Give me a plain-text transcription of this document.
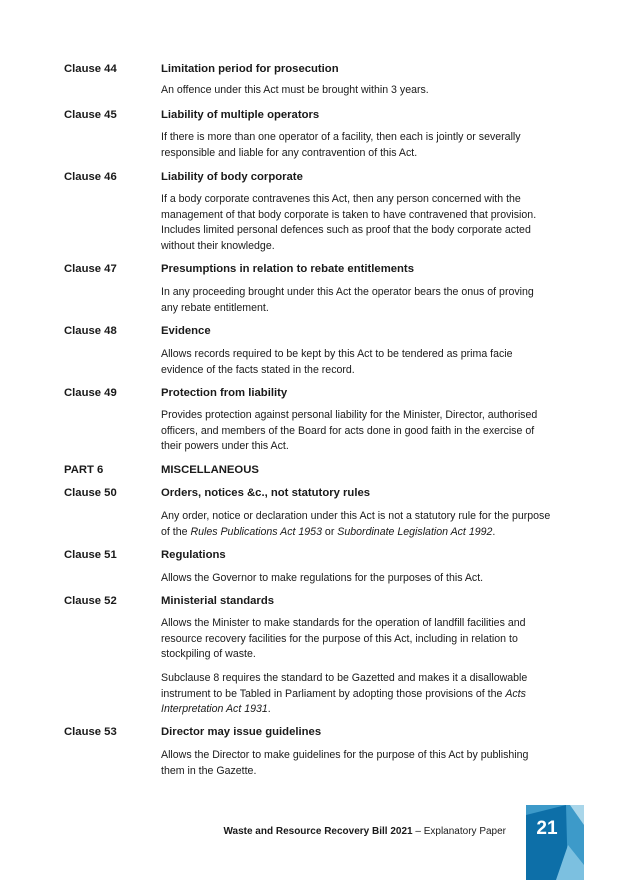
Clause 44	Limitation period for prosecution
An offence under this Act must be brought within 3 years.
Clause 45	Liability of multiple operators
If there is more than one operator of a facility, then each is jointly or severally responsible and liable for any contravention of this Act.
Clause 46	Liability of body corporate
If a body corporate contravenes this Act, then any person concerned with the management of that body corporate is taken to have contravened that provision. Includes limited personal defences such as proof that the body corporate acted without their knowledge.
Clause 47	Presumptions in relation to rebate entitlements
In any proceeding brought under this Act the operator bears the onus of proving any rebate entitlement.
Clause 48	Evidence
Allows records required to be kept by this Act to be tendered as prima facie evidence of the facts stated in the record.
Clause 49	Protection from liability
Provides protection against personal liability for the Minister, Director, authorised officers, and members of the Board for acts done in good faith in the exercise of their powers under this Act.
PART 6	MISCELLANEOUS
Clause 50	Orders, notices &c., not statutory rules
Any order, notice or declaration under this Act is not a statutory rule for the purpose of the Rules Publications Act 1953 or Subordinate Legislation Act 1992.
Clause 51	Regulations
Allows the Governor to make regulations for the purposes of this Act.
Clause 52	Ministerial standards
Allows the Minister to make standards for the operation of landfill facilities and resource recovery facilities for the purpose of this Act, including in relation to stockpiling of waste.
Subclause 8 requires the standard to be Gazetted and makes it a disallowable instrument to be Tabled in Parliament by adopting those provisions of the Acts Interpretation Act 1931.
Clause 53	Director may issue guidelines
Allows the Director to make guidelines for the purpose of this Act by publishing them in the Gazette.
Waste and Resource Recovery Bill 2021 – Explanatory Paper	21
